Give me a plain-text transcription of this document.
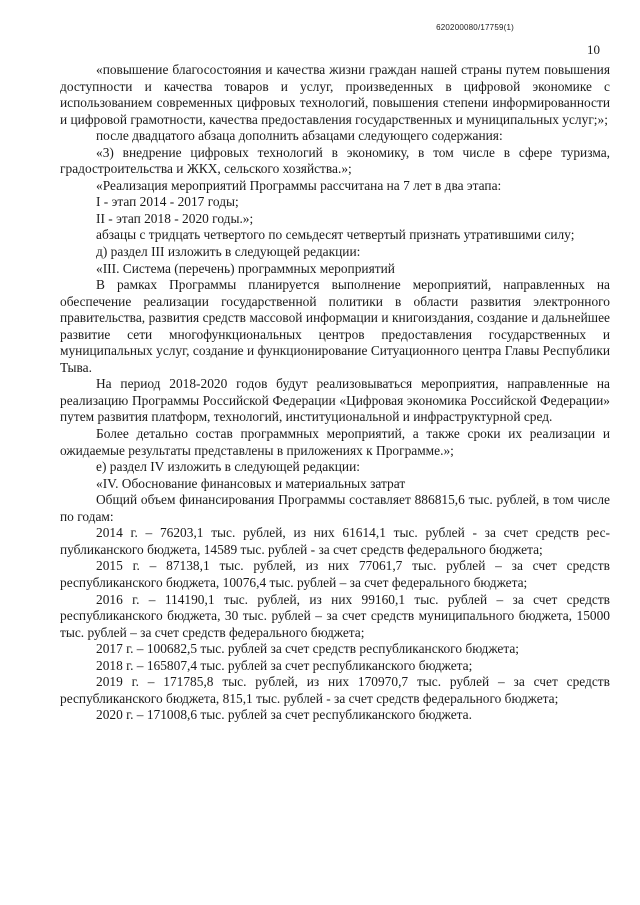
620200080/17759(1)
10

«повышение благосостояния и качества жизни граждан нашей страны путем повышения доступности и качества товаров и услуг, произведенных в цифровой экономике с использованием современных цифровых технологий, повышения степени информированности и цифровой грамотности, качества предоставления государственных и муниципальных услуг;»;

после двадцатого абзаца дополнить абзацами следующего содержания:

«3) внедрение цифровых технологий в экономику, в том числе в сфере туризма, градостроительства и ЖКХ, сельского хозяйства.»;

«Реализация мероприятий Программы рассчитана на 7 лет в два этапа:

I - этап 2014 - 2017 годы;

II - этап 2018 - 2020 годы.»;

абзацы с тридцать четвертого по семьдесят четвертый признать утратившими силу;

д) раздел III изложить в следующей редакции:

«III. Система (перечень) программных мероприятий

В рамках Программы планируется выполнение мероприятий, направленных на обеспечение реализации государственной политики в области развития электронного правительства, развития средств массовой информации и книгоиздания, создание и дальнейшее развитие сети многофункциональных центров предоставления государственных и муниципальных услуг, создание и функционирование Ситуационного центра Главы Республики Тыва.

На период 2018-2020 годов будут реализовываться мероприятия, направленные на реализацию Программы Российской Федерации «Цифровая экономика Российской Федерации» путем развития платформ, технологий, институциональной и инфраструктурной сред.

Более детально состав программных мероприятий, а также сроки их реализации и ожидаемые результаты представлены в приложениях к Программе.»;

е) раздел IV изложить в следующей редакции:

«IV. Обоснование финансовых и материальных затрат

Общий объем финансирования Программы составляет 886815,6 тыс. рублей, в том числе по годам:

2014 г. – 76203,1 тыс. рублей, из них 61614,1 тыс. рублей - за счет средств республиканского бюджета, 14589 тыс. рублей - за счет средств федерального бюджета;

2015 г. – 87138,1 тыс. рублей, из них 77061,7 тыс. рублей – за счет средств республиканского бюджета, 10076,4 тыс. рублей – за счет федерального бюджета;

2016 г. – 114190,1 тыс. рублей, из них 99160,1 тыс. рублей – за счет средств республиканского бюджета, 30 тыс. рублей – за счет средств муниципального бюджета, 15000 тыс. рублей – за счет средств федерального бюджета;

2017 г. – 100682,5 тыс. рублей за счет средств республиканского бюджета;

2018 г. – 165807,4 тыс. рублей за счет республиканского бюджета;

2019 г. – 171785,8 тыс. рублей, из них 170970,7 тыс. рублей – за счет средств республиканского бюджета, 815,1 тыс. рублей - за счет средств федерального бюджета;

2020 г. – 171008,6 тыс. рублей за счет республиканского бюджета.
